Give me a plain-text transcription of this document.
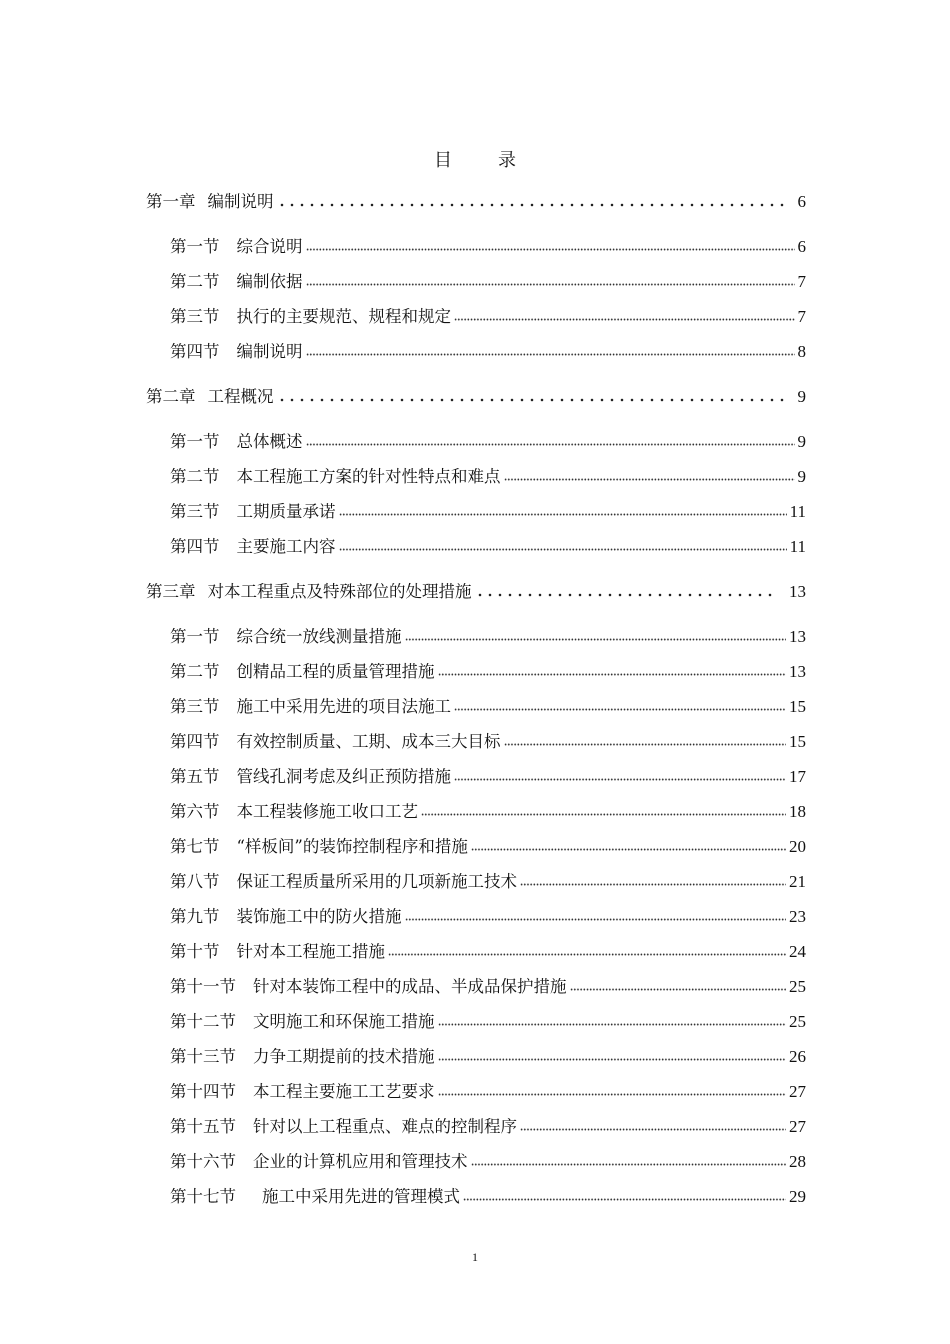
目	录
第一章 编制说明	6
第一节 综合说明	6
第二节 编制依据	7
第三节 执行的主要规范、规程和规定	7
第四节 编制说明	8
第二章 工程概况	9
第一节 总体概述	9
第二节 本工程施工方案的针对性特点和难点	9
第三节 工期质量承诺	11
第四节 主要施工内容	11
第三章 对本工程重点及特殊部位的处理措施	13
第一节 综合统一放线测量措施	13
第二节 创精品工程的质量管理措施	13
第三节 施工中采用先进的项目法施工	15
第四节 有效控制质量、工期、成本三大目标	15
第五节 管线孔洞考虑及纠正预防措施	17
第六节 本工程装修施工收口工艺	18
第七节 “样板间”的装饰控制程序和措施	20
第八节 保证工程质量所采用的几项新施工技术	21
第九节 装饰施工中的防火措施	23
第十节 针对本工程施工措施	24
第十一节 针对本装饰工程中的成品、半成品保护措施	25
第十二节 文明施工和环保施工措施	25
第十三节 力争工期提前的技术措施	26
第十四节 本工程主要施工工艺要求	27
第十五节 针对以上工程重点、难点的控制程序	27
第十六节 企业的计算机应用和管理技术	28
第十七节 施工中采用先进的管理模式	29
1
